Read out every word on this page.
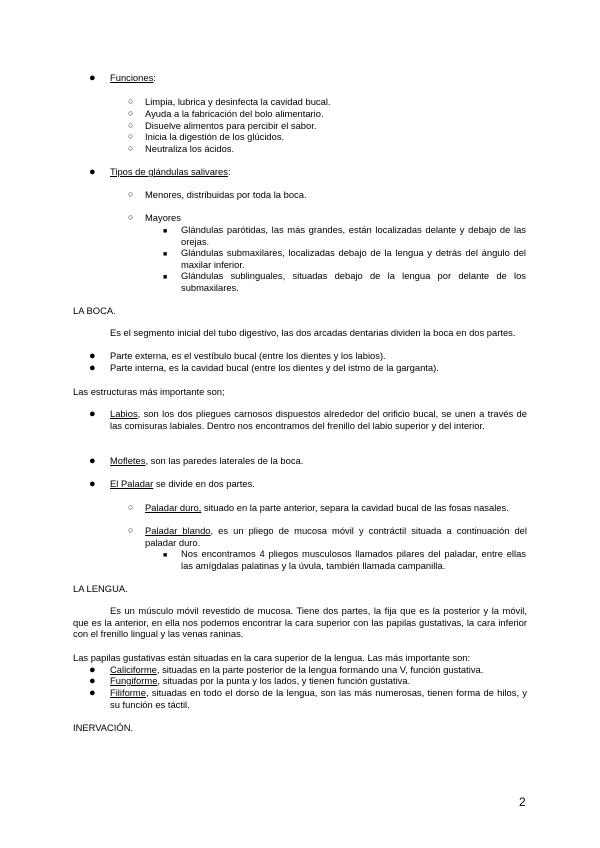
● Funciones:
○ Limpia, lubrica y desinfecta la cavidad bucal.
○ Ayuda a la fabricación del bolo alimentario.
○ Disuelve alimentos para percibir el sabor.
○ Inicia la digestión de los glúcidos.
○ Neutraliza los ácidos.
● Tipos de glándulas salivares:
○ Menores, distribuidas por toda la boca.
○ Mayores
■ Glándulas parótidas, las más grandes, están localizadas delante y debajo de las orejas.
■ Glándulas submaxilares, localizadas debajo de la lengua y detrás del ángulo del maxilar inferior.
■ Glándulas sublinguales, situadas debajo de la lengua por delante de los submaxilares.
LA BOCA.
Es el segmento inicial del tubo digestivo, las dos arcadas dentarias dividen la boca en dos partes.
● Parte externa, es el vestíbulo bucal (entre los dientes y los labios).
● Parte interna, es la cavidad bucal (entre los dientes y del istmo de la garganta).
Las estructuras más importante son;
● Labios, son los dos pliegues carnosos dispuestos alrededor del orificio bucal, se unen a través de las comisuras labiales. Dentro nos encontramos del frenillo del labio superior y del interior.
● Mofletes, son las paredes laterales de la boca.
● El Paladar se divide en dos partes.
○ Paladar duro, situado en la parte anterior, separa la cavidad bucal de las fosas nasales.
○ Paladar blando, es un pliego de mucosa móvil y contráctil situada a continuación del paladar duro.
■ Nos encontramos 4 pliegos musculosos llamados pilares del paladar, entre ellas las amígdalas palatinas y la úvula, también llamada campanilla.
LA LENGUA.
Es un músculo móvil revestido de mucosa. Tiene dos partes, la fija que es la posterior y la móvil, que es la anterior, en ella nos podemos encontrar la cara superior con las papilas gustativas, la cara inferior con el frenillo lingual y las venas raninas.
Las papilas gustativas están situadas en la cara superior de la lengua. Las más importante son:
● Caliciforme, situadas en la parte posterior de la lengua formando una V, función gustativa.
● Fungiforme, situadas por la punta y los lados, y tienen función gustativa.
● Filiforme, situadas en todo el dorso de la lengua, son las más numerosas, tienen forma de hilos, y su función es táctil.
INERVACIÓN.
2
